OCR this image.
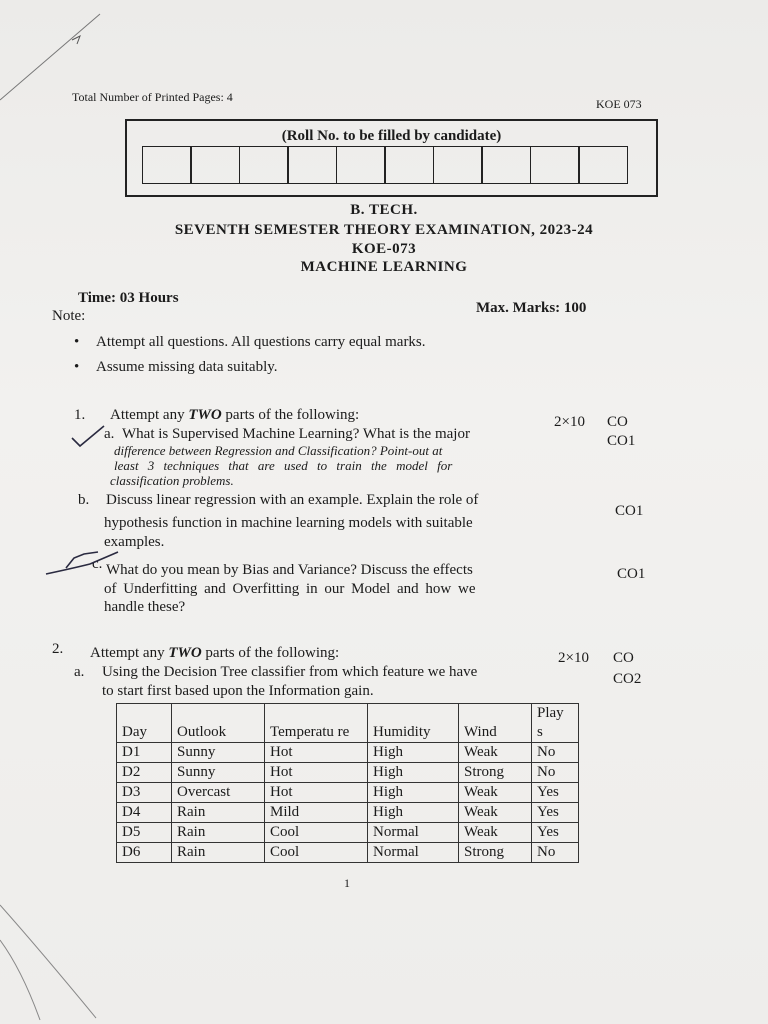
Total Number of Printed Pages: 4	KOE 073
(Roll No. to be filled by candidate)
B. TECH.
SEVENTH SEMESTER THEORY EXAMINATION, 2023-24
KOE-073
MACHINE LEARNING
Time: 03 Hours
Max. Marks: 100
Note:
• Attempt all questions. All questions carry equal marks.
• Assume missing data suitably.
1. Attempt any TWO parts of the following:	2×10 CO
a. What is Supervised Machine Learning? What is the major	CO1
difference between Regression and Classification? Point-out at
least 3 techniques that are used to train the model for
classification problems.
b. Discuss linear regression with an example. Explain the role of
CO1
hypothesis function in machine learning models with suitable
examples.
c. What do you mean by Bias and Variance? Discuss the effects	CO1
of Underfitting and Overfitting in our Model and how we
handle these?
2. Attempt any TWO parts of the following:	2×10 CO
a. Using the Decision Tree classifier from which feature we have	CO2
to start first based upon the Information gain.
Day	Outlook	Temperatu re	Humidity	Wind	Play s
D1	Sunny	Hot	High	Weak	No
D2	Sunny	Hot	High	Strong	No
D3	Overcast	Hot	High	Weak	Yes
D4	Rain	Mild	High	Weak	Yes
D5	Rain	Cool	Normal	Weak	Yes
D6	Rain	Cool	Normal	Strong	No
1
